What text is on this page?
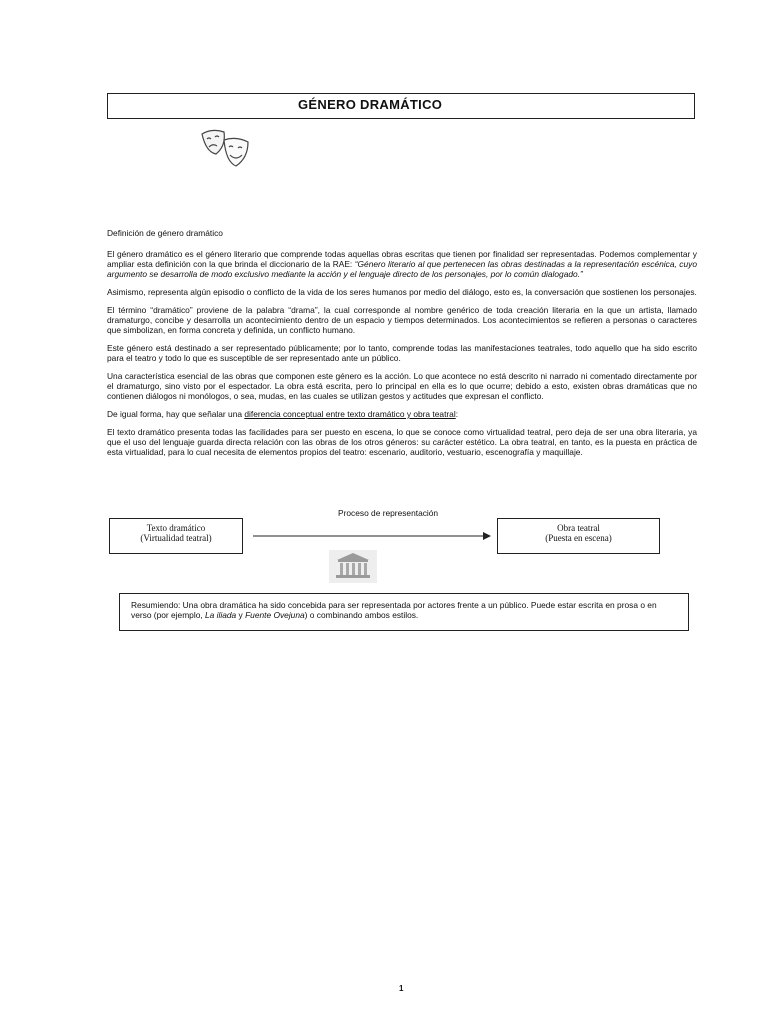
GÉNERO DRAMÁTICO

Definición de género dramático

El género dramático es el género literario que comprende todas aquellas obras escritas que tienen por finalidad ser representadas. Podemos complementar y ampliar esta definición con la que brinda el diccionario de la RAE: “Género literario al que pertenecen las obras destinadas a la representación escénica, cuyo argumento se desarrolla de modo exclusivo mediante la acción y el lenguaje directo de los personajes, por lo común dialogado.”

Asimismo, representa algún episodio o conflicto de la vida de los seres humanos por medio del diálogo, esto es, la conversación que sostienen los personajes.

El término “dramático” proviene de la palabra “drama”, la cual corresponde al nombre genérico de toda creación literaria en la que un artista, llamado dramaturgo, concibe y desarrolla un acontecimiento dentro de un espacio y tiempos determinados. Los acontecimientos se refieren a personas o caracteres que simbolizan, en forma concreta y definida, un conflicto humano.

Este género está destinado a ser representado públicamente; por lo tanto, comprende todas las manifestaciones teatrales, todo aquello que ha sido escrito para el teatro y todo lo que es susceptible de ser representado ante un público.

Una característica esencial de las obras que componen este género es la acción. Lo que acontece no está descrito ni narrado ni comentado directamente por el dramaturgo, sino visto por el espectador. La obra está escrita, pero lo principal en ella es lo que ocurre; debido a esto, existen obras dramáticas que no contienen diálogos ni monólogos, o sea, mudas, en las cuales se utilizan gestos y actitudes que expresan el conflicto.

De igual forma, hay que señalar una diferencia conceptual entre texto dramático y obra teatral:

El texto dramático presenta todas las facilidades para ser puesto en escena, lo que se conoce como virtualidad teatral, pero deja de ser una obra literaria, ya que el uso del lenguaje guarda directa relación con las obras de los otros géneros: su carácter estético. La obra teatral, en tanto, es la puesta en práctica de esta virtualidad, para lo cual necesita de elementos propios del teatro: escenario, auditorio, vestuario, escenografía y maquillaje.

Proceso de representación
Texto dramático
(Virtualidad teatral)
Obra teatral
(Puesta en escena)
Resumiendo: Una obra dramática ha sido concebida para ser representada por actores frente a un público. Puede estar escrita en prosa o en verso (por ejemplo, La iliada y Fuente Ovejuna) o combinando ambos estilos.
1
